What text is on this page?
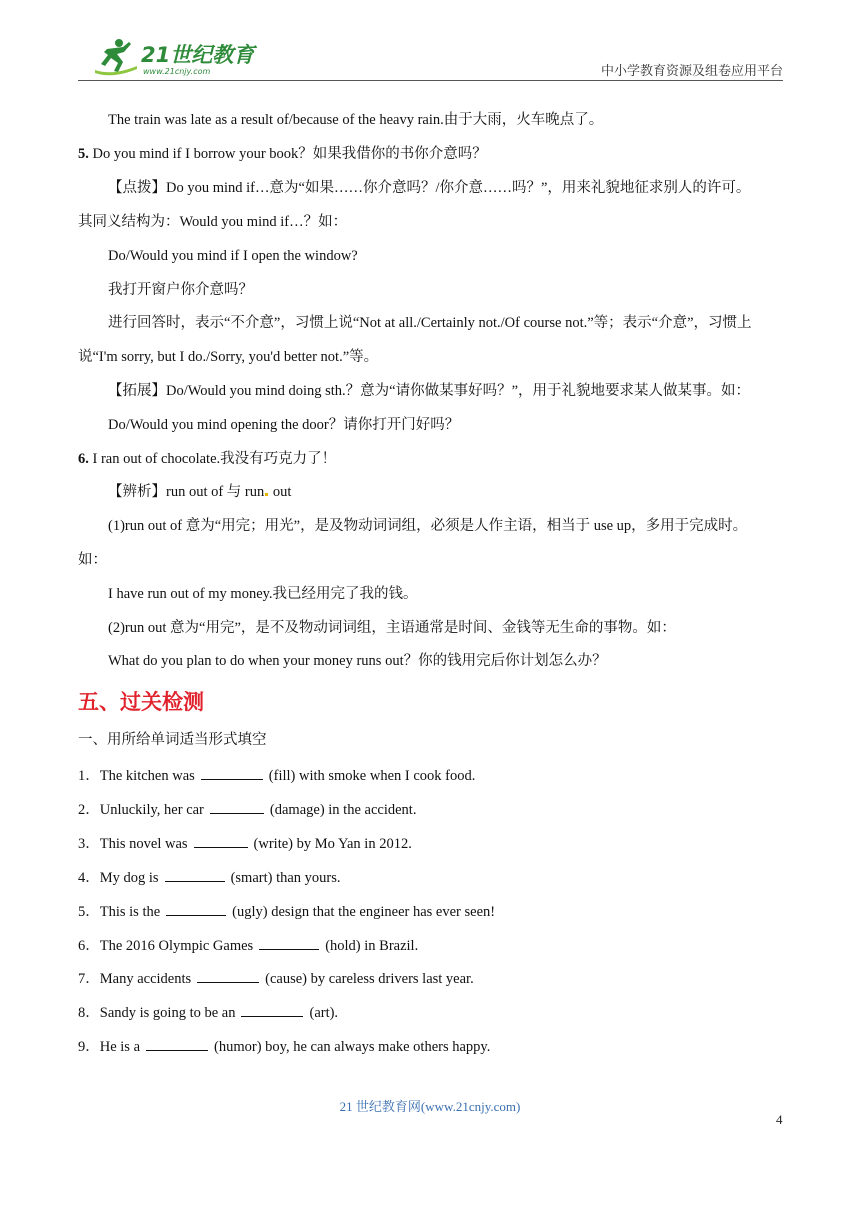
21世纪教育
www.21cnjy.com	中小学教育资源及组卷应用平台
The train was late as a result of/because of the heavy rain.由于大雨，火车晚点了。
5. Do you mind if I borrow your book？如果我借你的书你介意吗？
【点拨】Do you mind if…意为“如果……你介意吗？/你介意……吗？”，用来礼貌地征求别人的许可。
其同义结构为：Would you mind if…？如：
Do/Would you mind if I open the window?
我打开窗户你介意吗？
进行回答时，表示“不介意”，习惯上说“Not at all./Certainly not./Of course not.”等；表示“介意”，习惯上
说“I'm sorry, but I do./Sorry, you'd better not.”等。
【拓展】Do/Would you mind doing sth.？意为“请你做某事好吗？”，用于礼貌地要求某人做某事。如：
Do/Would you mind opening the door？请你打开门好吗？
6. I ran out of chocolate.我没有巧克力了！
【辨析】run out of 与 run out
(1)run out of 意为“用完；用光”，是及物动词词组，必须是人作主语，相当于 use up，多用于完成时。
如：
I have run out of my money.我已经用完了我的钱。
(2)run out 意为“用完”，是不及物动词词组，主语通常是时间、金钱等无生命的事物。如：
What do you plan to do when your money runs out？你的钱用完后你计划怎么办？
五、过关检测
一、用所给单词适当形式填空
1．The kitchen was	(fill) with smoke when I cook food.
2．Unluckily, her car	(damage) in the accident.
3．This novel was	(write) by Mo Yan in 2012.
4．My dog is	(smart) than yours.
5．This is the	(ugly) design that the engineer has ever seen!
6．The 2016 Olympic Games	(hold) in Brazil.
7．Many accidents	(cause) by careless drivers last year.
8．Sandy is going to be an	(art).
9．He is a	(humor) boy, he can always make others happy.
21 世纪教育网(www.21cnjy.com)
4
